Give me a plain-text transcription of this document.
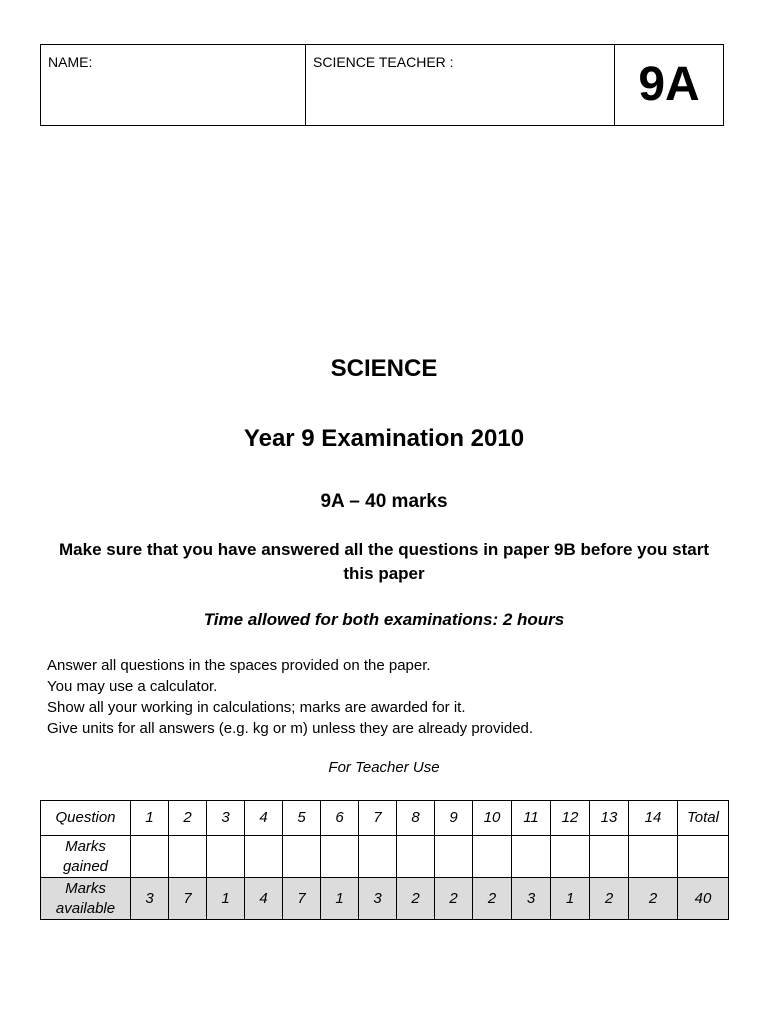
NAME:	SCIENCE TEACHER :	9A
SCIENCE
Year 9 Examination 2010
9A – 40 marks
Make sure that you have answered all the questions in paper 9B before you start this paper
Time allowed for both examinations: 2 hours
Answer all questions in the spaces provided on the paper.
You may use a calculator.
Show all your working in calculations; marks are awarded for it.
Give units for all answers (e.g. kg or m) unless they are already provided.
For Teacher Use
Question	1	2	3	4	5	6	7	8	9	10	11	12	13	14	Total
Marks gained															
Marks available	3	7	1	4	7	1	3	2	2	2	3	1	2	2	40
